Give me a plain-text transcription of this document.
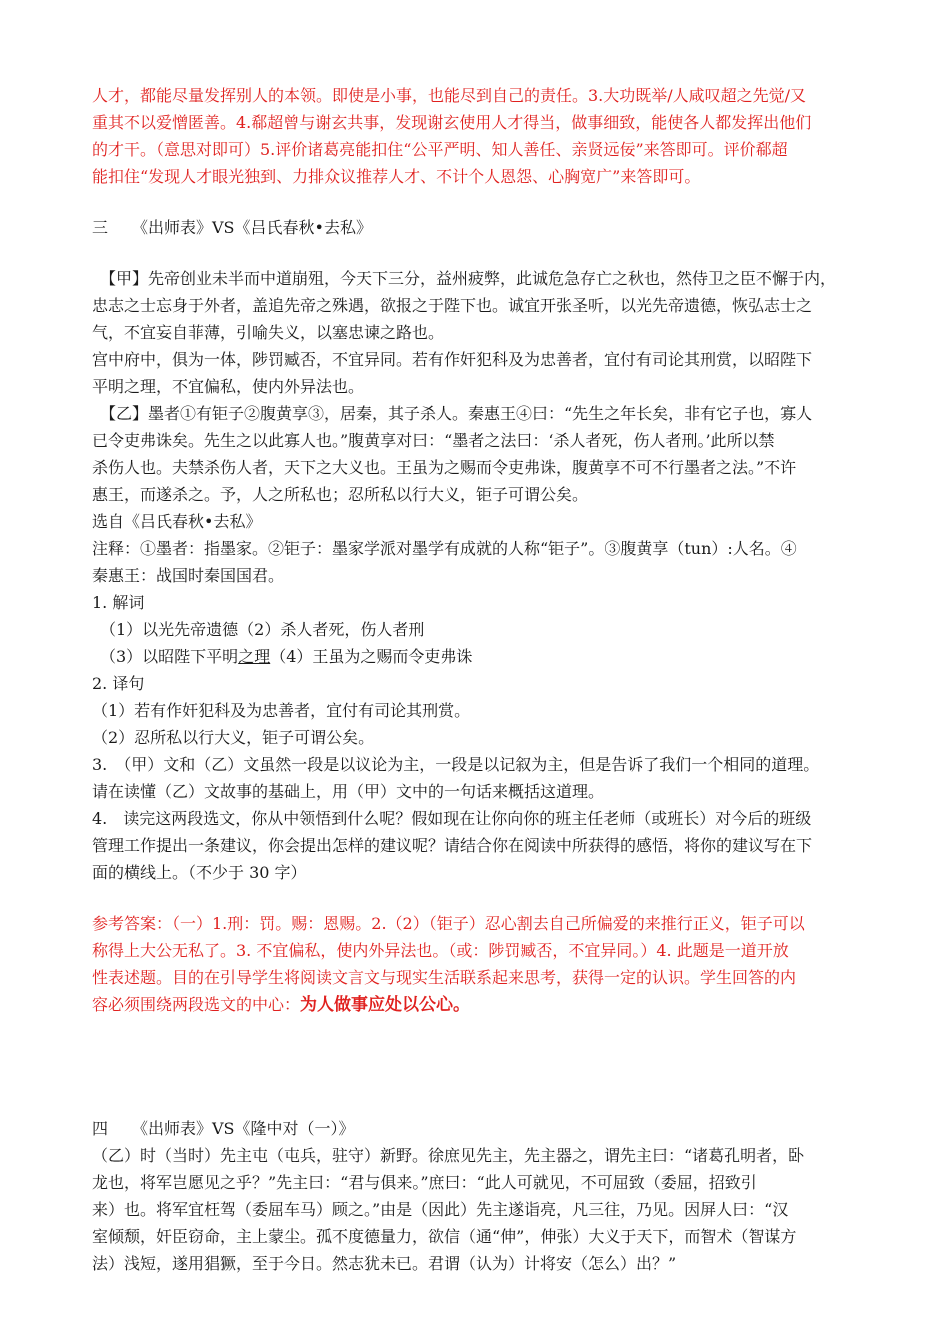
人才，都能尽量发挥别人的本领。即使是小事，也能尽到自己的责任。3.大功既举/人咸叹超之先觉/又

重其不以爱憎匿善。4.郗超曾与谢玄共事，发现谢玄使用人才得当，做事细致，能使各人都发挥出他们

的才干。（意思对即可）5.评价诸葛亮能扣住“公平严明、知人善任、亲贤远佞”来答即可。评价郗超

能扣住“发现人才眼光独到、力排众议推荐人才、不计个人恩怨、心胸宽广”来答即可。

三　　《出师表》VS《吕氏春秋•去私》

【甲】先帝创业未半而中道崩殂，今天下三分，益州疲弊，此诚危急存亡之秋也，然侍卫之臣不懈于内，

忠志之士忘身于外者，盖追先帝之殊遇，欲报之于陛下也。诚宜开张圣听，以光先帝遗德，恢弘志士之

气，不宜妄自菲薄，引喻失义，以塞忠谏之路也。

宫中府中，俱为一体，陟罚臧否，不宜异同。若有作奸犯科及为忠善者，宜付有司论其刑赏，以昭陛下

平明之理，不宜偏私，使内外异法也。

【乙】墨者①有钜子②腹黄享③，居秦，其子杀人。秦惠王④曰：“先生之年长矣，非有它子也，寡人

已令吏弗诛矣。先生之以此寡人也。”腹黄享对曰：“墨者之法曰：‘杀人者死，伤人者刑。’此所以禁

杀伤人也。夫禁杀伤人者，天下之大义也。王虽为之赐而令吏弗诛，腹黄享不可不行墨者之法。”不许

惠王，而遂杀之。予，人之所私也；忍所私以行大义，钜子可谓公矣。

选自《吕氏春秋•去私》

注释：①墨者：指墨家。②钜子：墨家学派对墨学有成就的人称“钜子”。③腹黄享（tun）:人名。④

秦惠王：战国时秦国国君。

1. 解词

（1）以光先帝遗德（2）杀人者死，伤人者刑

（3）以昭陛下平明之理（4）王虽为之赐而令吏弗诛

2. 译句

（1）若有作奸犯科及为忠善者，宜付有司论其刑赏。

（2）忍所私以行大义，钜子可谓公矣。

3.　（甲）文和（乙）文虽然一段是以议论为主，一段是以记叙为主，但是告诉了我们一个相同的道理。

请在读懂（乙）文故事的基础上，用（甲）文中的一句话来概括这道理。

4.　读完这两段选文，你从中领悟到什么呢？假如现在让你向你的班主任老师（或班长）对今后的班级

管理工作提出一条建议，你会提出怎样的建议呢？请结合你在阅读中所获得的感悟，将你的建议写在下

面的横线上。（不少于 30 字）

参考答案：（一）1.刑：罚。赐：恩赐。2.（2）（钜子）忍心割去自己所偏爱的来推行正义，钜子可以

称得上大公无私了。3. 不宜偏私，使内外异法也。（或：陟罚臧否，不宜异同。）4. 此题是一道开放

性表述题。目的在引导学生将阅读文言文与现实生活联系起来思考，获得一定的认识。学生回答的内

容必须围绕两段选文的中心：为人做事应处以公心。

四　　《出师表》VS《隆中对（一）》

（乙）时（当时）先主屯（屯兵，驻守）新野。徐庶见先主，先主器之，谓先主曰：“诸葛孔明者，卧

龙也，将军岂愿见之乎？”先主曰：“君与俱来。”庶曰：“此人可就见，不可屈致（委屈，招致引

来）也。将军宜枉驾（委屈车马）顾之。”由是（因此）先主遂诣亮，凡三往，乃见。因屏人曰：“汉

室倾颓，奸臣窃命，主上蒙尘。孤不度德量力，欲信（通“伸”，伸张）大义于天下，而智术（智谋方

法）浅短，遂用猖獗，至于今日。然志犹未已。君谓（认为）计将安（怎么）出？”
